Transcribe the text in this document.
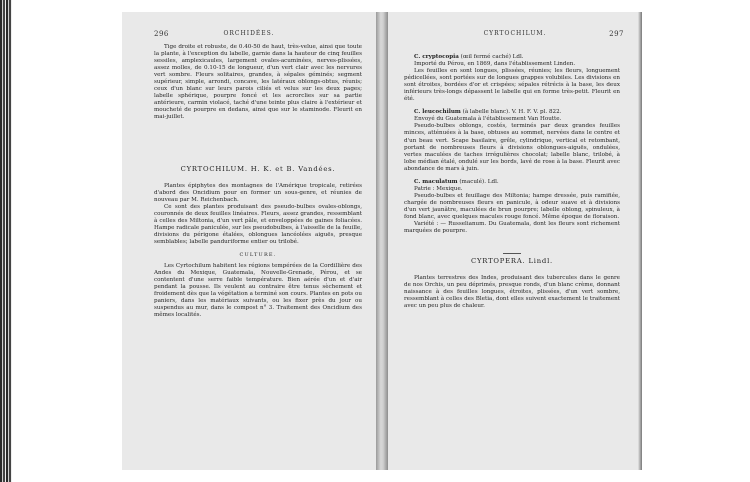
296	ORCHIDÉES.

Tige droite et robuste, de 0.40-50 de haut, très-velue, ainsi que toute la plante, à l'exception du labelle, garnie dans la hauteur de cinq feuilles sessiles, amplexicaules, largement ovales-acuminées, nerves-plissées, assez molles, de 0.10-15 de longueur, d'un vert clair avec les nervures vert sombre. Fleurs solitaires, grandes, à sépales géminés; segment supérieur, simple, arrondi, concave, les latéraux oblongs-obtus, réunis; ceux d'un blanc sur leurs parois ciliés et velus sur les deux pages; labelle sphérique, pourpre foncé et les acrorclies sur sa partie antérieure, carmin violacé, taché d'une teinte plus claire à l'extérieur et moucheté de pourpre en dedans, ainsi que sur le staminode. Fleurit en mai-juillet.

CYRTOCHILUM. H. K. et B. Vandées.

Plantes épiphytes des montagnes de l'Amérique tropicale, retirées d'abord des Oncidium pour en former un sous-genre, et réunies de nouveau par M. Reichenbach.

Ce sont des plantes produisant des pseudo-bulbes ovales-oblongs, couronnés de deux feuilles linéaires. Fleurs, assez grandes, ressemblant à celles des Miltonia, d'un vert pâle, et enveloppées de gaines foliacées. Hampe radicale paniculée, sur les pseudobulbes, à l'aisselle de la feuille, divisions du périgone étalées, oblongues lancéolées aiguës, presque semblables; labelle panduriforme entier ou trilobé.

CULTURE.

Les Cyrtochilum habitent les régions tempérées de la Cordillière des Andes du Mexique, Guatemala, Nouvelle-Grenade, Pérou, et se contentent d'une serre faible température. Bien aérée d'un et d'air pendant la pousse. Ils veulent au contraire être tenus sèchement et froidement dès que la végétation a terminé son cours. Plantes en pots ou paniers, dans les matériaux suivants, ou les fixer près du jour ou suspendus au mur, dans le compost n° 3. Traitement des Oncidium des mêmes localités.

CYRTOCHILUM.	297

C. cryptocopia (œil fermé caché) Ldl.

Importé du Pérou, en 1869, dans l'établissement Linden.

Les feuilles en sont longues, plissées, réunies; les fleurs, longuement pédicellées, sont portées sur de longues grappes volubiles. Les divisions en sont étroites, bordées d'or et crispées; sépales rétrécis à la base, les deux inférieurs très-longs dépassent le labelle qui en forme très-petit. Fleurit en été.

C. leucochilum (à labelle blanc). V. H. F. V. pl. 822.

Envoyé du Guatemala à l'établissement Van Houtte.

Pseudo-bulbes oblongs, costés, terminés par deux grandes feuilles minces, atténuées à la base, obtuses au sommet, nervées dans le centre et d'un beau vert. Scape basilaire, grêle, cylindrique, vertical et retombant, portant de nombreuses fleurs à divisions oblongues-aiguës, ondulées, vertes maculées de taches irrégulières chocolat; labelle blanc, trilobé, à lobe médian étalé, ondulé sur les bords, lavé de rose à la base. Fleurit avec abondance de mars à juin.

C. maculatum (maculé). Ldl.

Patrie : Mexique.

Pseudo-bulbes et feuillage des Miltonia; hampe dressée, puis ramifiée, chargée de nombreuses fleurs en panicule, à odeur suave et à divisions d'un vert jaunâtre, maculées de brun pourpre; labelle oblong, spinuleux, à fond blanc, avec quelques macules rouge foncé. Même époque de floraison.

Variété : — Russelianum. Du Guatemala, dont les fleurs sont richement marquées de pourpre.

CYRTOPERA. Lindl.

Plantes terrestres des Indes, produisant des tubercules dans le genre de nos Orchis, un peu déprimés, presque ronds, d'un blanc crème, donnant naissance à des feuilles longues, étroites, plissées, d'un vert sombre, ressemblant à celles des Bletia, dont elles suivent exactement le traitement avec un peu plus de chaleur.
